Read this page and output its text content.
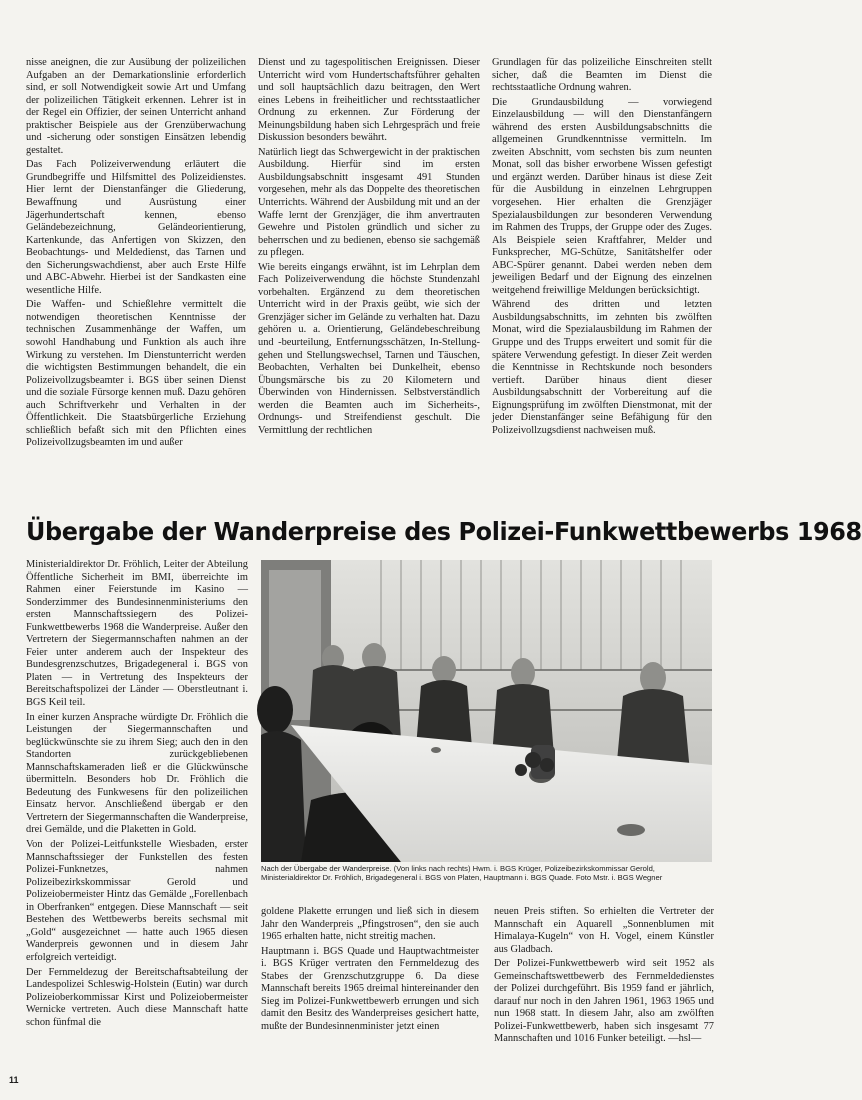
nisse aneignen, die zur Ausübung der polizeilichen Aufgaben an der Demarkationslinie erforderlich sind, er soll Notwendigkeit sowie Art und Umfang der polizeilichen Tätigkeit erkennen. Lehrer ist in der Regel ein Offizier, der seinen Unterricht anhand praktischer Beispiele aus der Grenzüberwachung und -sicherung oder sonstigen Einsätzen lebendig gestaltet.

Das Fach Polizeiverwendung erläutert die Grundbegriffe und Hilfsmittel des Polizeidienstes. Hier lernt der Dienstanfänger die Gliederung, Bewaffnung und Ausrüstung einer Jägerhundertschaft kennen, ebenso Geländebezeichnung, Geländeorientierung, Kartenkunde, das Anfertigen von Skizzen, den Beobachtungs- und Meldedienst, das Tarnen und den Sicherungswachdienst, aber auch Erste Hilfe und ABC-Abwehr. Hierbei ist der Sandkasten eine wesentliche Hilfe.

Die Waffen- und Schießlehre vermittelt die notwendigen theoretischen Kenntnisse der technischen Zusammenhänge der Waffen, um sowohl Handhabung und Funktion als auch ihre Wirkung zu verstehen. Im Dienstunterricht werden die wichtigsten Bestimmungen behandelt, die ein Polizeivollzugsbeamter i. BGS über seinen Dienst und die soziale Fürsorge kennen muß. Dazu gehören auch Schriftverkehr und Verhalten in der Öffentlichkeit. Die Staatsbürgerliche Erziehung schließlich befaßt sich mit den Pflichten eines Polizeivollzugsbeamten im und außer

Dienst und zu tagespolitischen Ereignissen. Dieser Unterricht wird vom Hundertschaftsführer gehalten und soll hauptsächlich dazu beitragen, den Wert eines Lebens in freiheitlicher und rechtsstaatlicher Ordnung zu erkennen. Zur Förderung der Meinungsbildung haben sich Lehrgespräch und freie Diskussion besonders bewährt.

Natürlich liegt das Schwergewicht in der praktischen Ausbildung. Hierfür sind im ersten Ausbildungsabschnitt insgesamt 491 Stunden vorgesehen, mehr als das Doppelte des theoretischen Unterrichts. Während der Ausbildung mit und an der Waffe lernt der Grenzjäger, die ihm anvertrauten Gewehre und Pistolen gründlich und sicher zu beherrschen und zu bedienen, ebenso sie sachgemäß zu pflegen.

Wie bereits eingangs erwähnt, ist im Lehrplan dem Fach Polizeiverwendung die höchste Stundenzahl vorbehalten. Ergänzend zu dem theoretischen Unterricht wird in der Praxis geübt, wie sich der Grenzjäger sicher im Gelände zu verhalten hat. Dazu gehören u. a. Orientierung, Geländebeschreibung und -beurteilung, Entfernungsschätzen, In-Stellung-gehen und Stellungswechsel, Tarnen und Täuschen, Beobachten, Verhalten bei Dunkelheit, ebenso Übungsmärsche bis zu 20 Kilometern und Überwinden von Hindernissen. Selbstverständlich werden die Beamten auch im Sicherheits-, Ordnungs- und Streifendienst geschult. Die Vermittlung der rechtlichen

Grundlagen für das polizeiliche Einschreiten stellt sicher, daß die Beamten im Dienst die rechtsstaatliche Ordnung wahren.

Die Grundausbildung — vorwiegend Einzelausbildung — will den Dienstanfängern während des ersten Ausbildungsabschnitts die allgemeinen Grundkenntnisse vermitteln. Im zweiten Abschnitt, vom sechsten bis zum neunten Monat, soll das bisher erworbene Wissen gefestigt und ergänzt werden. Darüber hinaus ist diese Zeit für die Ausbildung in einzelnen Lehrgruppen vorgesehen. Hier erhalten die Grenzjäger Spezialausbildungen zur besonderen Verwendung im Rahmen des Trupps, der Gruppe oder des Zuges. Als Beispiele seien Kraftfahrer, Melder und Funksprecher, MG-Schütze, Sanitätshelfer oder ABC-Spürer genannt. Dabei werden neben dem jeweiligen Bedarf und der Eignung des einzelnen weitgehend freiwillige Meldungen berücksichtigt.

Während des dritten und letzten Ausbildungsabschnitts, im zehnten bis zwölften Monat, wird die Spezialausbildung im Rahmen der Gruppe und des Trupps erweitert und somit für die spätere Verwendung gefestigt. In dieser Zeit werden die Kenntnisse in Rechtskunde noch besonders vertieft. Darüber hinaus dient dieser Ausbildungsabschnitt der Vorbereitung auf die Eignungsprüfung im zwölften Dienstmonat, mit der jeder Dienstanfänger seine Befähigung für den Polizeivollzugsdienst nachweisen muß.

Übergabe der Wanderpreise des Polizei-Funkwettbewerbs 1968

Ministerialdirektor Dr. Fröhlich, Leiter der Abteilung Öffentliche Sicherheit im BMI, überreichte im Rahmen einer Feierstunde im Kasino — Sonderzimmer des Bundesinnenministeriums den ersten Mannschaftssiegern des Polizei-Funkwettbewerbs 1968 die Wanderpreise. Außer den Vertretern der Siegermannschaften nahmen an der Feier unter anderem auch der Inspekteur des Bundesgrenzschutzes, Brigadegeneral i. BGS von Platen — in Vertretung des Inspekteurs der Bereitschaftspolizei der Länder — Oberstleutnant i. BGS Keil teil.

In einer kurzen Ansprache würdigte Dr. Fröhlich die Leistungen der Siegermannschaften und beglückwünschte sie zu ihrem Sieg; auch den in den Standorten zurückgebliebenen Mannschaftskameraden ließ er die Glückwünsche übermitteln. Besonders hob Dr. Fröhlich die Bedeutung des Funkwesens für den polizeilichen Einsatz hervor. Anschließend übergab er den Vertretern der Siegermannschaften die Wanderpreise, drei Gemälde, und die Plaketten in Gold.

Von der Polizei-Leitfunkstelle Wiesbaden, erster Mannschaftssieger der Funkstellen des festen Polizei-Funknetzes, nahmen Polizeibezirkskommissar Gerold und Polizeiobermeister Hintz das Gemälde „Forellenbach in Oberfranken“ entgegen. Diese Mannschaft — seit Bestehen des Wettbewerbs bereits sechsmal mit „Gold“ ausgezeichnet — hatte auch 1965 diesen Wanderpreis gewonnen und in diesem Jahr erfolgreich verteidigt.

Der Fernmeldezug der Bereitschaftsabteilung der Landespolizei Schleswig-Holstein (Eutin) war durch Polizeioberkommissar Kirst und Polizeiobermeister Wernicke vertreten. Auch diese Mannschaft hatte schon fünfmal die

Nach der Übergabe der Wanderpreise. (Von links nach rechts) Hwm. i. BGS Krüger, Polizeibezirkskommissar Gerold, Ministerialdirektor Dr. Fröhlich, Brigadegeneral i. BGS von Platen, Hauptmann i. BGS Quade. Foto Mstr. i. BGS Wegner

goldene Plakette errungen und ließ sich in diesem Jahr den Wanderpreis „Pfingstrosen“, den sie auch 1965 erhalten hatte, nicht streitig machen.

Hauptmann i. BGS Quade und Hauptwachtmeister i. BGS Krüger vertraten den Fernmeldezug des Stabes der Grenzschutzgruppe 6. Da diese Mannschaft bereits 1965 dreimal hintereinander den Sieg im Polizei-Funkwettbewerb errungen und sich damit den Besitz des Wanderpreises gesichert hatte, mußte der Bundesinnenminister jetzt einen

neuen Preis stiften. So erhielten die Vertreter der Mannschaft ein Aquarell „Sonnenblumen mit Himalaya-Kugeln“ von H. Vogel, einem Künstler aus Gladbach.

Der Polizei-Funkwettbewerb wird seit 1952 als Gemeinschaftswettbewerb des Fernmeldedienstes der Polizei durchgeführt. Bis 1959 fand er jährlich, darauf nur noch in den Jahren 1961, 1963 1965 und nun 1968 statt. In diesem Jahr, also am zwölften Polizei-Funkwettbewerb, haben sich insgesamt 77 Mannschaften und 1016 Funker beteiligt. —hsl—

11
